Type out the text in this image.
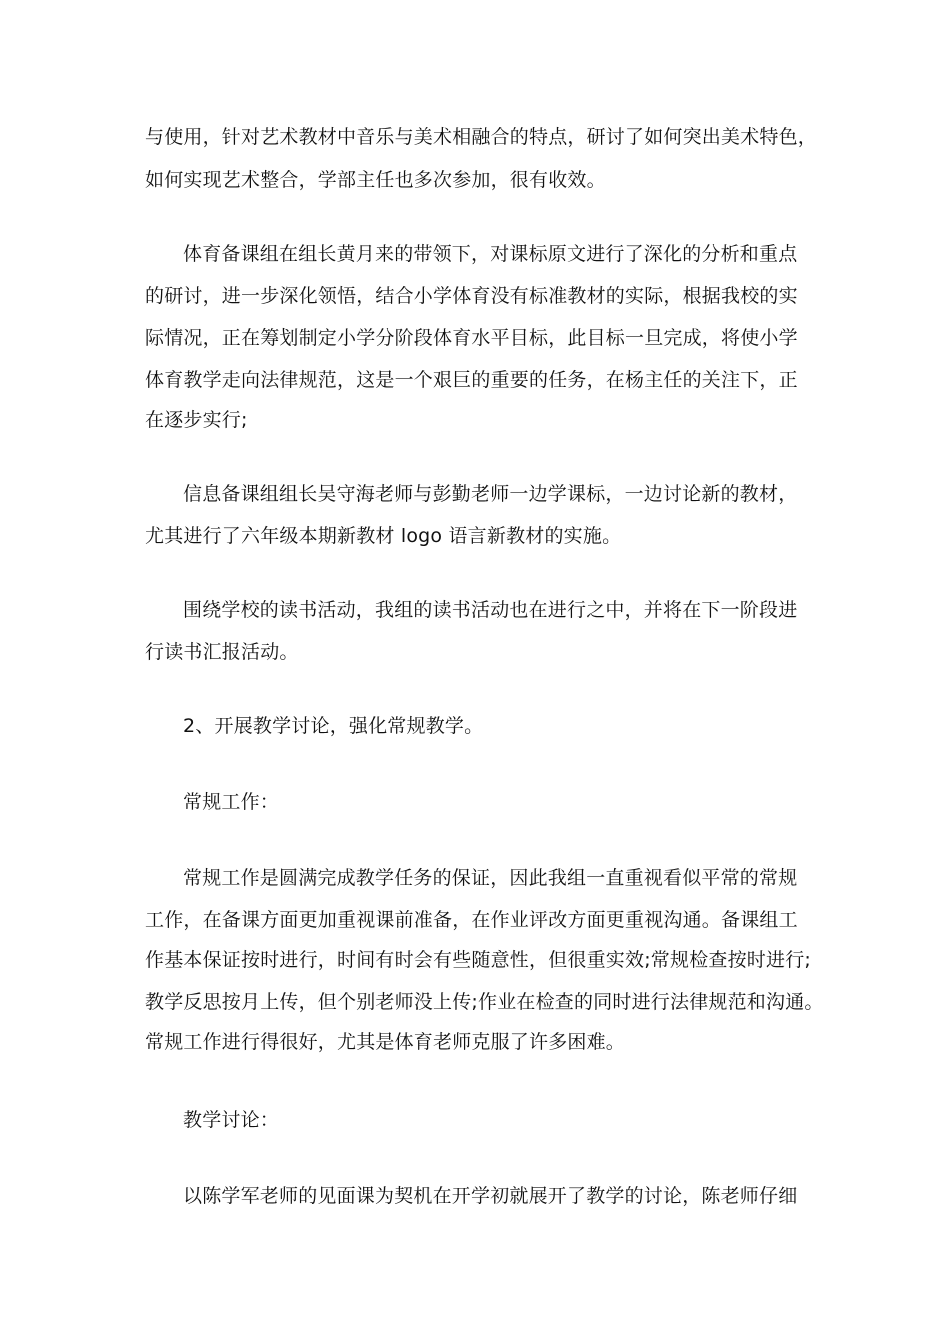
与使用，针对艺术教材中音乐与美术相融合的特点，研讨了如何突出美术特色，
如何实现艺术整合，学部主任也多次参加，很有收效。
体育备课组在组长黄月来的带领下，对课标原文进行了深化的分析和重点
的研讨，进一步深化领悟，结合小学体育没有标准教材的实际，根据我校的实
际情况，正在筹划制定小学分阶段体育水平目标，此目标一旦完成，将使小学
体育教学走向法律规范，这是一个艰巨的重要的任务，在杨主任的关注下，正
在逐步实行;
信息备课组组长吴守海老师与彭勤老师一边学课标，一边讨论新的教材，
尤其进行了六年级本期新教材 logo 语言新教材的实施。
围绕学校的读书活动，我组的读书活动也在进行之中，并将在下一阶段进
行读书汇报活动。
2、开展教学讨论，强化常规教学。
常规工作：
常规工作是圆满完成教学任务的保证，因此我组一直重视看似平常的常规
工作，在备课方面更加重视课前准备，在作业评改方面更重视沟通。备课组工
作基本保证按时进行，时间有时会有些随意性，但很重实效;常规检查按时进行;
教学反思按月上传，但个别老师没上传;作业在检查的同时进行法律规范和沟通。
常规工作进行得很好，尤其是体育老师克服了许多困难。
教学讨论：
以陈学军老师的见面课为契机在开学初就展开了教学的讨论，陈老师仔细
